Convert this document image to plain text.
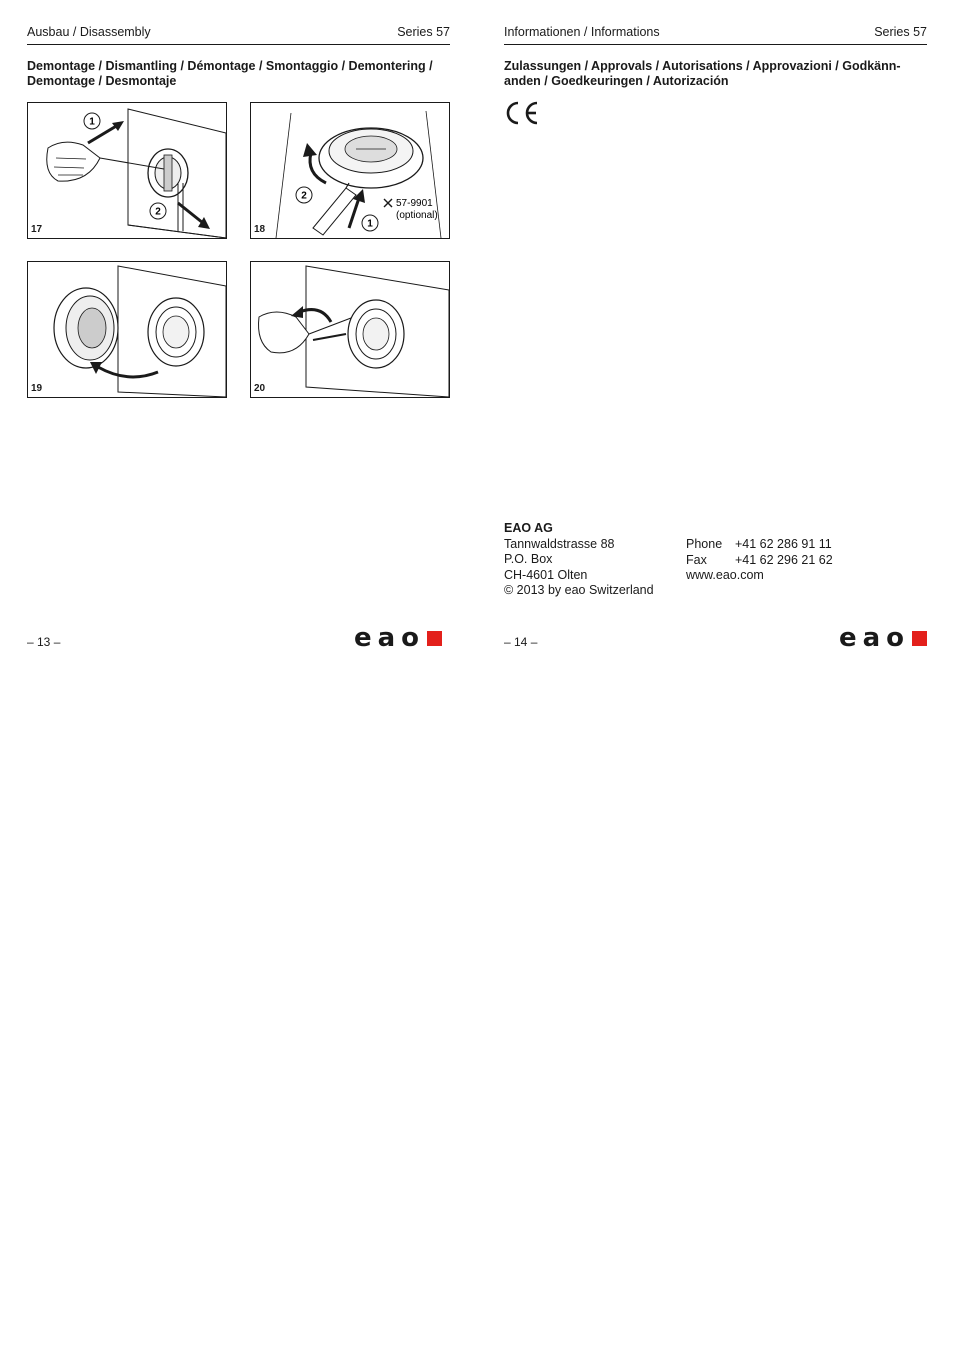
Ausbau / Disassembly	Series 57
Demontage / Dismantling / Démontage / Smontaggio / Demontering /
Demontage / Desmontaje
1
2
17
2
1
57-9901
(optional)
18
19	20
– 13 –	eao
Informationen / Informations	Series 57
Zulassungen / Approvals / Autorisations / Approvazioni / Godkänn-
anden / Goedkeuringen / Autorización
EAO AG
Tannwaldstrasse 88
P.O. Box
CH-4601 Olten
© 2013 by eao Switzerland
Phone	+41 62 286 91 11
Fax	+41 62 296 21 62
www.eao.com
– 14 –	eao
